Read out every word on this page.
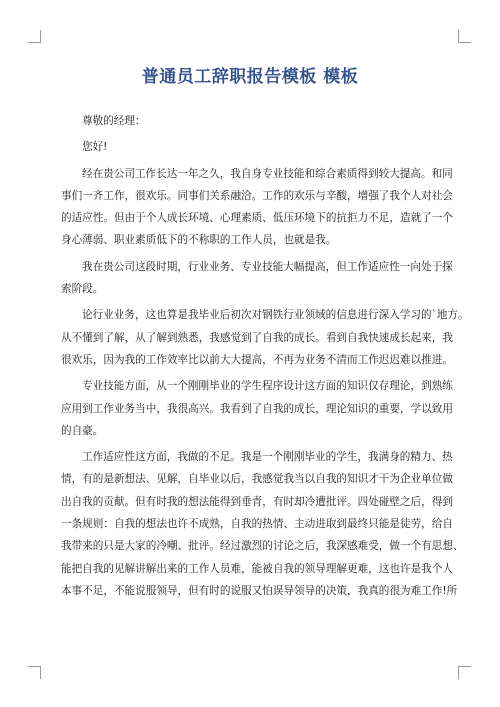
普通员工辞职报告模板 模板

尊敬的经理：

您好!

经在贵公司工作长达一年之久，我自身专业技能和综合素质得到较大提高。和同

事们一齐工作，很欢乐。同事们关系融洽。工作的欢乐与辛酸，增强了我个人对社会

的适应性。但由于个人成长环境、心理素质、低压环境下的抗拒力不足，造就了一个

身心薄弱、职业素质低下的不称职的工作人员，也就是我。

我在贵公司这段时期，行业业务、专业技能大幅提高，但工作适应性一向处于探

索阶段。

论行业业务，这也算是我毕业后初次对钢铁行业领域的信息进行深入学习的`地方。

从不懂到了解，从了解到熟悉，我感觉到了自我的成长。看到自我快速成长起来，我

很欢乐，因为我的工作效率比以前大大提高，不再为业务不清而工作迟迟难以推进。

专业技能方面，从一个刚刚毕业的学生程序设计这方面的知识仅存理论，到熟练

应用到工作业务当中，我很高兴。我看到了自我的成长，理论知识的重要，学以致用

的自豪。

工作适应性这方面，我做的不足。我是一个刚刚毕业的学生，我满身的精力、热

情，有的是新想法、见解，自毕业以后，我感觉我当以自我的知识才干为企业单位做

出自我的贡献。但有时我的想法能得到垂青，有时却冷遭批评。四处碰壁之后，得到

一条规则：自我的想法也许不成熟，自我的热情、主动进取到最终只能是徒劳，给自

我带来的只是大家的冷嘲、批评。经过激烈的讨论之后，我深感难受，做一个有思想、

能把自我的见解讲解出来的工作人员难，能被自我的领导理解更难，这也许是我个人

本事不足，不能说服领导，但有时的说服又怕误导领导的决策，我真的很为难工作!所
